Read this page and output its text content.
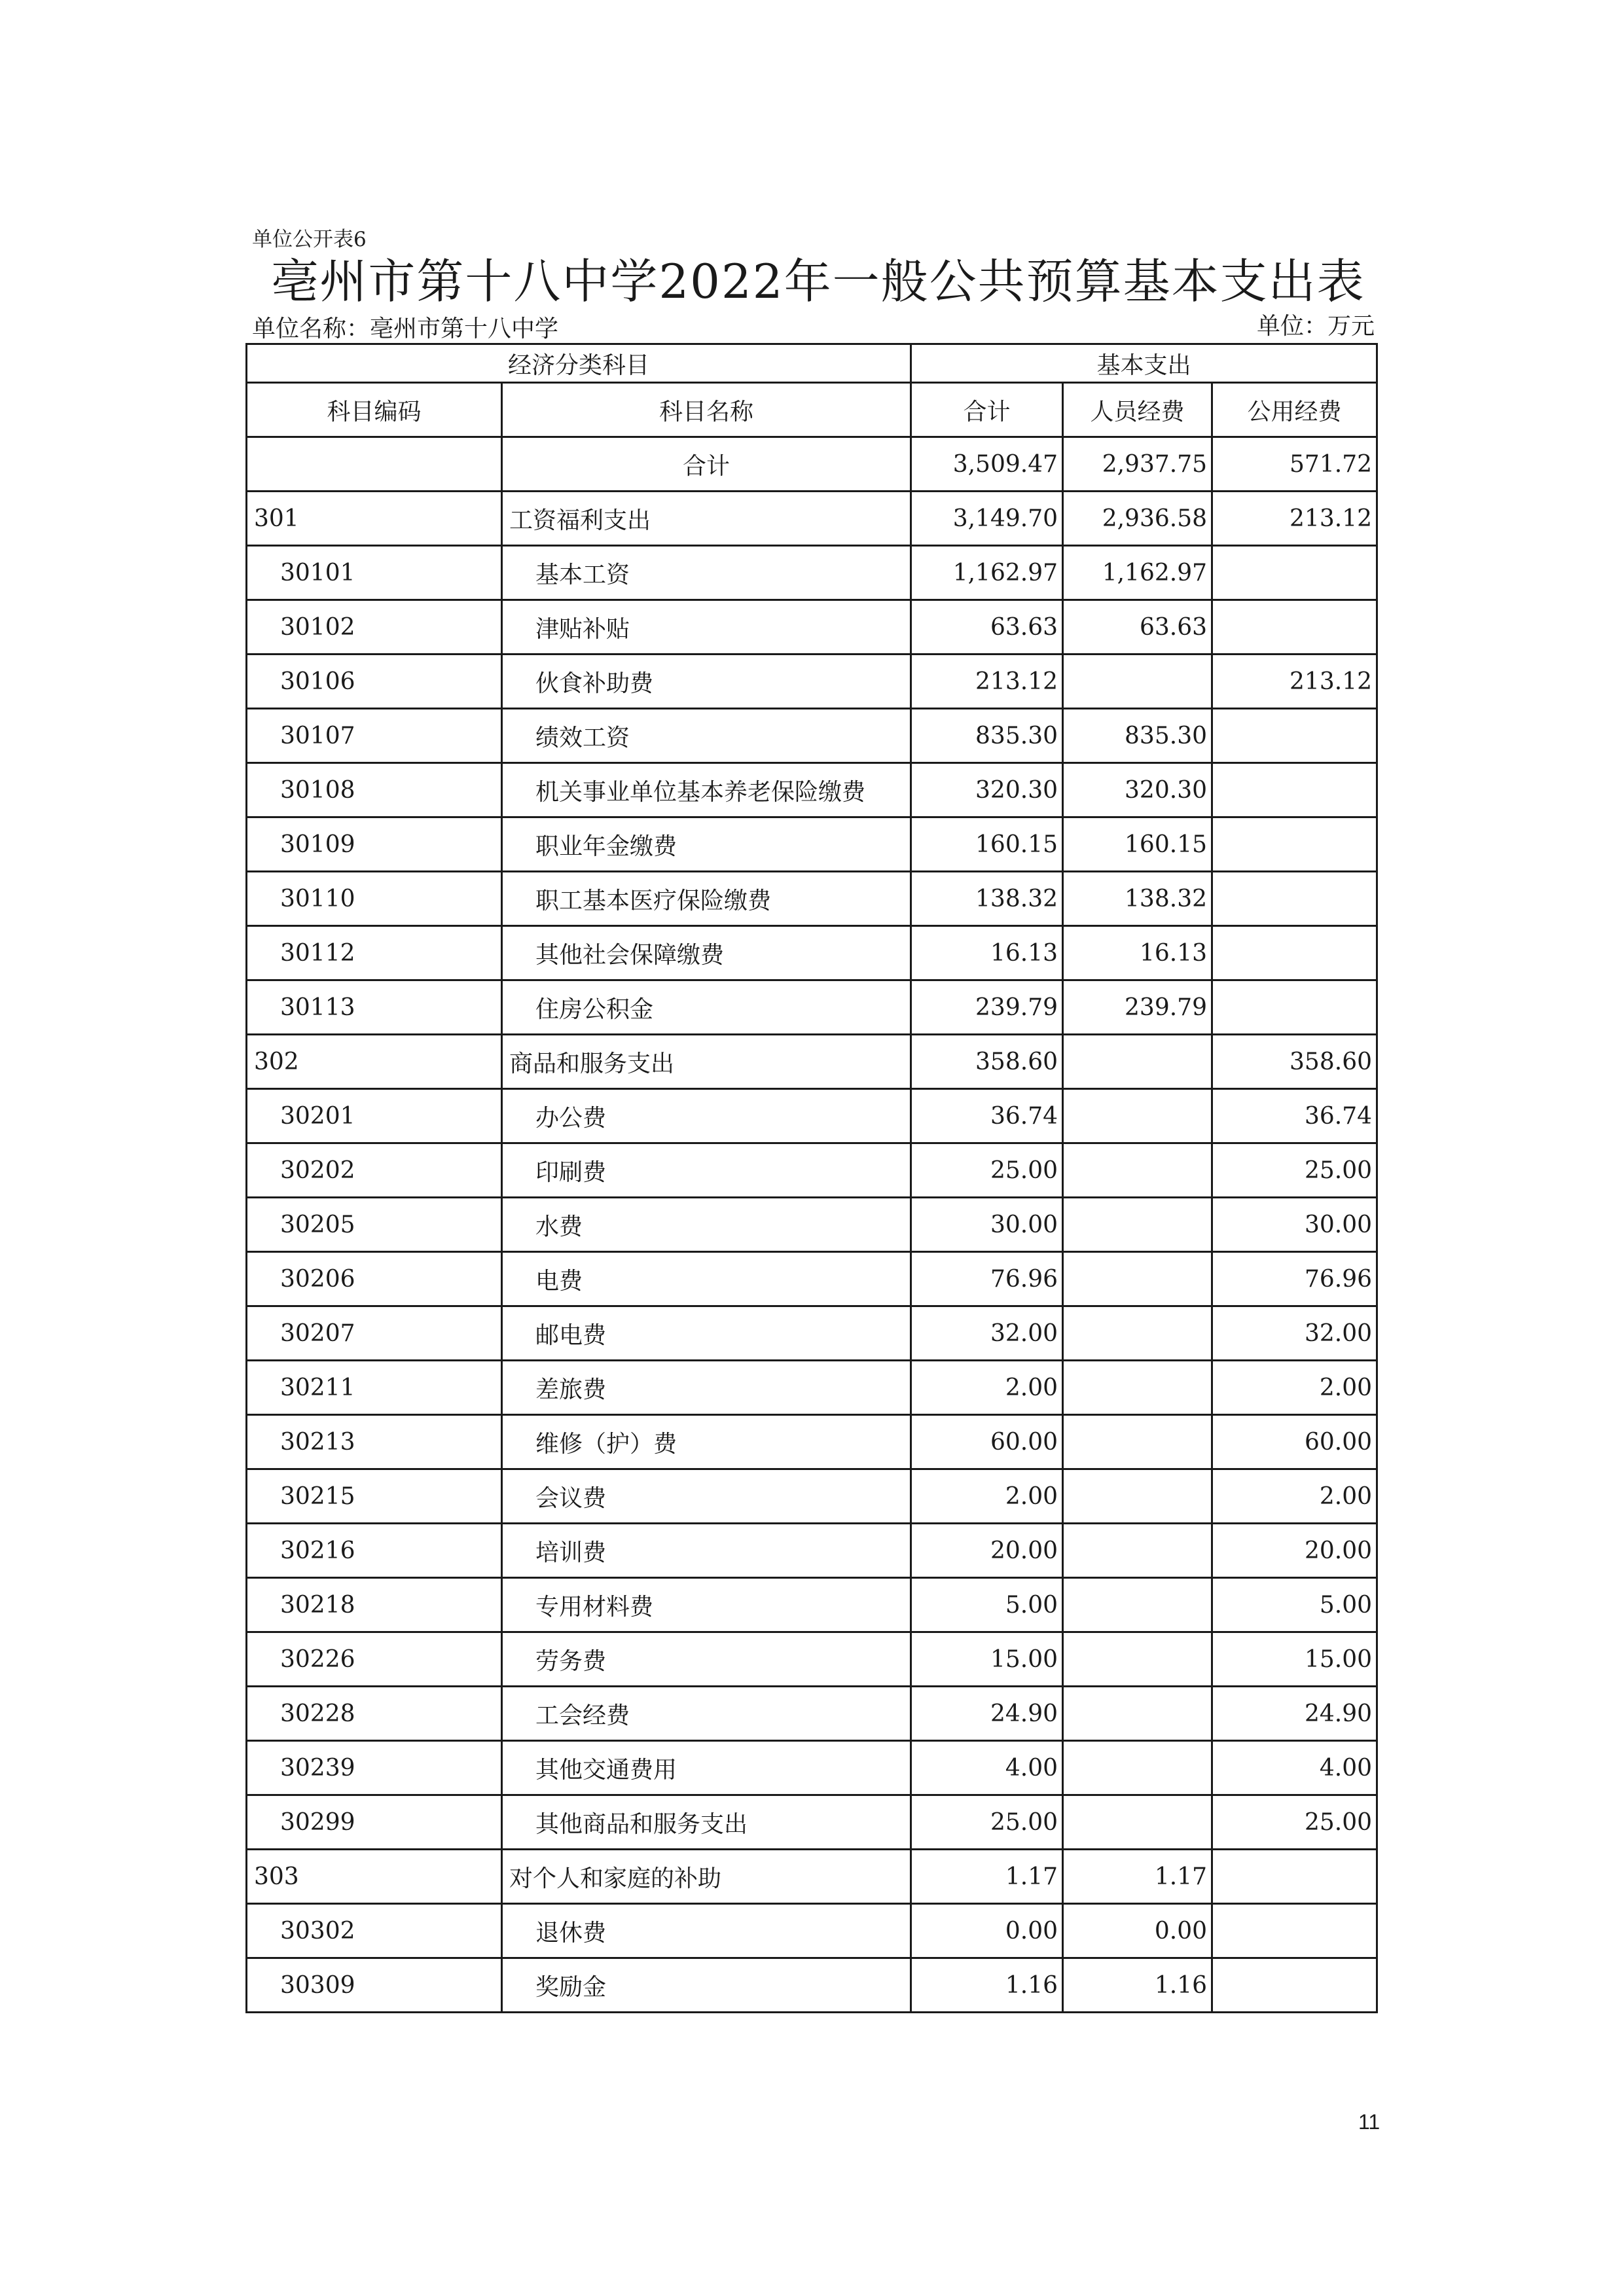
单位公开表6
亳州市第十八中学2022年一般公共预算基本支出表
单位名称：亳州市第十八中学	单位：万元
经济分类科目		基本支出		
科目编码	科目名称	合计	人员经费	公用经费
	合计	3,509.47	2,937.75	571.72
301	工资福利支出	3,149.70	2,936.58	213.12
30101	基本工资	1,162.97	1,162.97	
30102	津贴补贴	63.63	63.63	
30106	伙食补助费	213.12		213.12
30107	绩效工资	835.30	835.30	
30108	机关事业单位基本养老保险缴费	320.30	320.30	
30109	职业年金缴费	160.15	160.15	
30110	职工基本医疗保险缴费	138.32	138.32	
30112	其他社会保障缴费	16.13	16.13	
30113	住房公积金	239.79	239.79	
302	商品和服务支出	358.60		358.60
30201	办公费	36.74		36.74
30202	印刷费	25.00		25.00
30205	水费	30.00		30.00
30206	电费	76.96		76.96
30207	邮电费	32.00		32.00
30211	差旅费	2.00		2.00
30213	维修（护）费	60.00		60.00
30215	会议费	2.00		2.00
30216	培训费	20.00		20.00
30218	专用材料费	5.00		5.00
30226	劳务费	15.00		15.00
30228	工会经费	24.90		24.90
30239	其他交通费用	4.00		4.00
30299	其他商品和服务支出	25.00		25.00
303	对个人和家庭的补助	1.17	1.17	
30302	退休费	0.00	0.00	
30309	奖励金	1.16	1.16	
11
